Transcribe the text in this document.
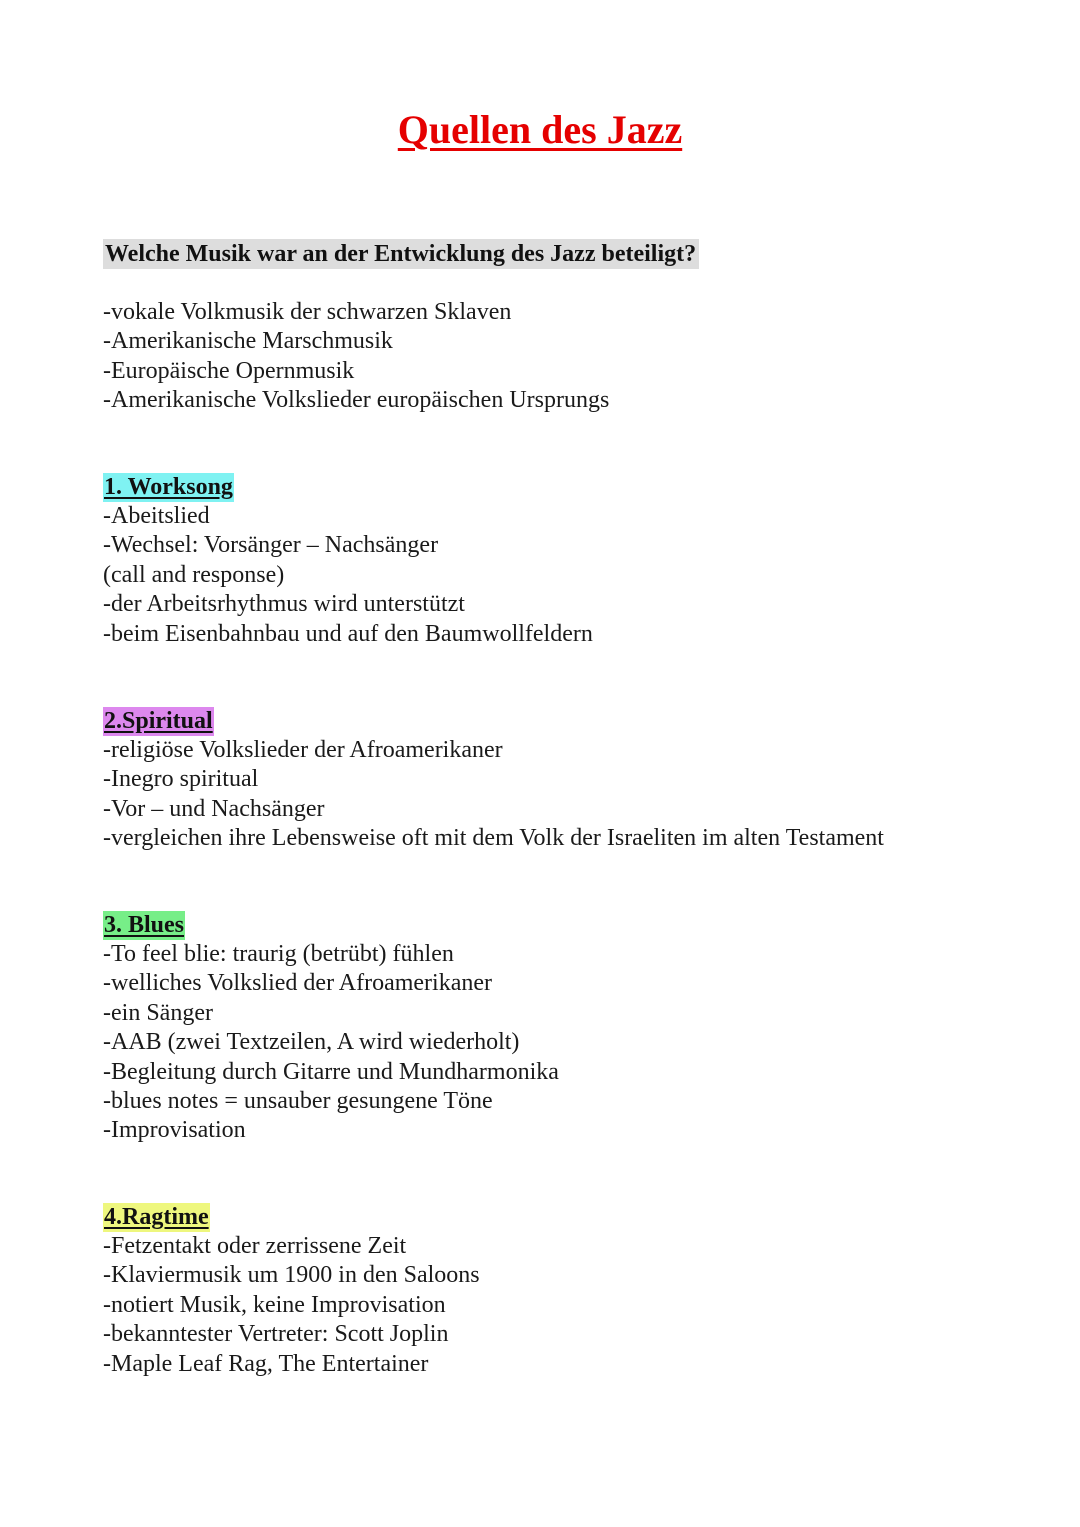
Quellen des Jazz
Welche Musik war an der Entwicklung des Jazz beteiligt?
-vokale Volkmusik der schwarzen Sklaven
-Amerikanische Marschmusik
-Europäische Opernmusik
-Amerikanische Volkslieder europäischen Ursprungs
1. Worksong
-Abeitslied
-Wechsel: Vorsänger – Nachsänger
(call and response)
-der Arbeitsrhythmus wird unterstützt
-beim Eisenbahnbau und auf den Baumwollfeldern
2.Spiritual
-religiöse Volkslieder der Afroamerikaner
-Inegro spiritual
-Vor – und Nachsänger
-vergleichen ihre Lebensweise oft mit dem Volk der Israeliten im alten Testament
3. Blues
-To feel blie: traurig (betrübt) fühlen
-welliches Volkslied der Afroamerikaner
-ein Sänger
-AAB (zwei Textzeilen, A wird wiederholt)
-Begleitung durch Gitarre und Mundharmonika
-blues notes = unsauber gesungene Töne
-Improvisation
4.Ragtime
-Fetzentakt oder zerrissene Zeit
-Klaviermusik um 1900 in den Saloons
-notiert Musik, keine Improvisation
-bekanntester Vertreter: Scott Joplin
-Maple Leaf Rag, The Entertainer
